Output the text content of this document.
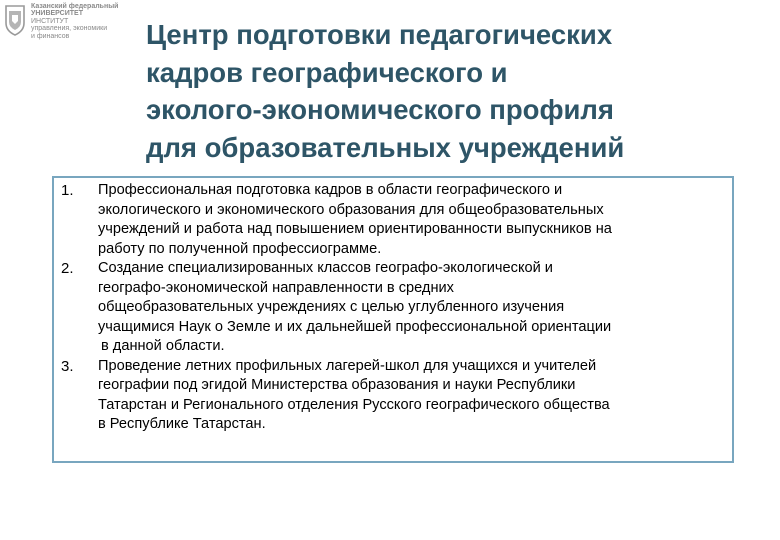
Казанский федеральный
УНИВЕРСИТЕТ
ИНСТИТУТ
управления, экономики
и финансов	Центр подготовки педагогических
кадров географического и
эколого-экономического профиля
для образовательных учреждений
1. Профессиональная подготовка кадров в области географического и
экологического и экономического образования для общеобразовательных
учреждений и работа над повышением ориентированности выпускников на
работу по полученной профессиограмме.
2. Создание специализированных классов географо-экологической и
географо-экономической направленности в средних
общеобразовательных учреждениях с целью углубленного изучения
учащимися Наук о Земле и их дальнейшей профессиональной ориентации
в данной области.
3. Проведение летних профильных лагерей-школ для учащихся и учителей
географии под эгидой Министерства образования и науки Республики
Татарстан и Регионального отделения Русского географического общества
в Республике Татарстан.
